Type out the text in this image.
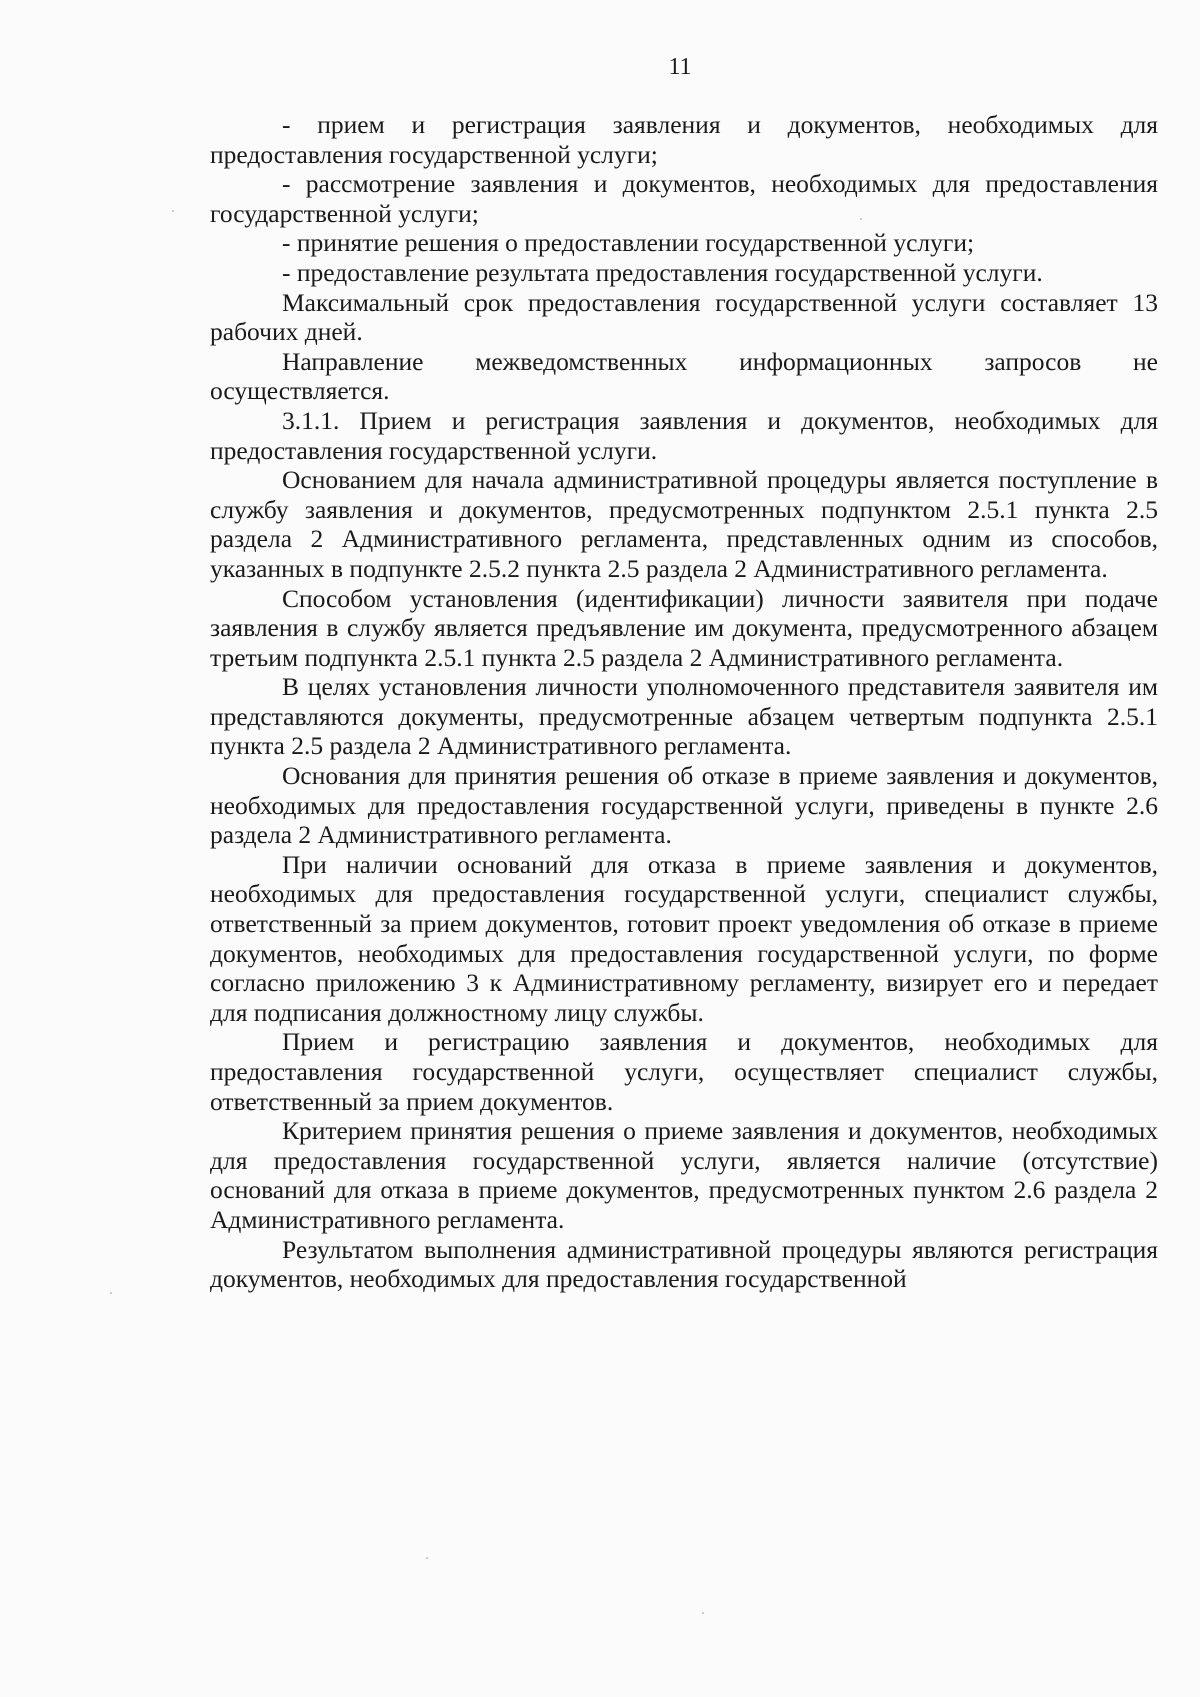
11

- прием и регистрация заявления и документов, необходимых для предоставления государственной услуги;

- рассмотрение заявления и документов, необходимых для предоставления государственной услуги;

- принятие решения о предоставлении государственной услуги;

- предоставление результата предоставления государственной услуги.

Максимальный срок предоставления государственной услуги составляет 13 рабочих дней.

Направление межведомственных информационных запросов не осуществляется.

3.1.1. Прием и регистрация заявления и документов, необходимых для предоставления государственной услуги.

Основанием для начала административной процедуры является поступление в службу заявления и документов, предусмотренных подпунктом 2.5.1 пункта 2.5 раздела 2 Административного регламента, представленных одним из способов, указанных в подпункте 2.5.2 пункта 2.5 раздела 2 Административного регламента.

Способом установления (идентификации) личности заявителя при подаче заявления в службу является предъявление им документа, предусмотренного абзацем третьим подпункта 2.5.1 пункта 2.5 раздела 2 Административного регламента.

В целях установления личности уполномоченного представителя заявителя им представляются документы, предусмотренные абзацем четвертым подпункта 2.5.1 пункта 2.5 раздела 2 Административного регламента.

Основания для принятия решения об отказе в приеме заявления и документов, необходимых для предоставления государственной услуги, приведены в пункте 2.6 раздела 2 Административного регламента.

При наличии оснований для отказа в приеме заявления и документов, необходимых для предоставления государственной услуги, специалист службы, ответственный за прием документов, готовит проект уведомления об отказе в приеме документов, необходимых для предоставления государственной услуги, по форме согласно приложению 3 к Административному регламенту, визирует его и передает для подписания должностному лицу службы.

Прием и регистрацию заявления и документов, необходимых для предоставления государственной услуги, осуществляет специалист службы, ответственный за прием документов.

Критерием принятия решения о приеме заявления и документов, необходимых для предоставления государственной услуги, является наличие (отсутствие) оснований для отказа в приеме документов, предусмотренных пунктом 2.6 раздела 2 Административного регламента.

Результатом выполнения административной процедуры являются регистрация документов, необходимых для предоставления государственной
